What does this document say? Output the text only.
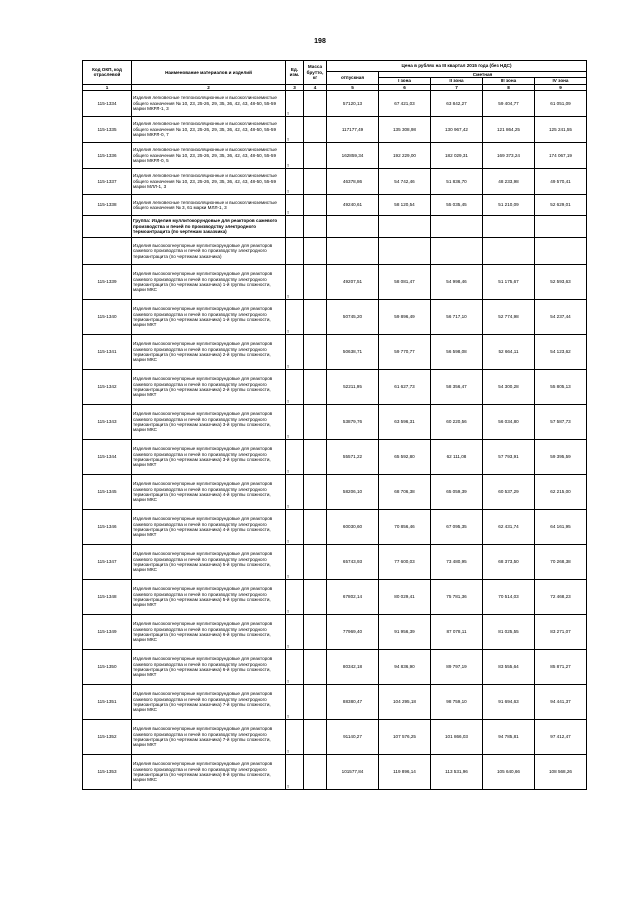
198
Код ОКП, код отраслевой	Наименование материалов и изделий	Ед. изм.	Масса брутто, кг	Цена в рублях на III квартал 2015 года (без НДС)				
				отпускная	Сметная			
					I зона	II зона	III зона	IV зона
1	2	3	4	5	6	7	8	9
115-1334	Изделия легковесные теплоизоляционные и высокоглиноземистые общего назначения № 10, 23, 25-26, 29, 35, 36, 42, 43, 48-50, 55-59 марки МКРЛ-1, 3	т		57120,13	67 421,03	63 842,27	59 404,77	61 051,09
115-1335	Изделия легковесные теплоизоляционные и высокоглиноземистые общего назначения № 10, 23, 25-26, 29, 35, 36, 42, 43, 48-50, 55-59 марки МКРЛ-0, 7	т		117177,49	135 308,98	130 967,42	121 864,25	125 241,55
115-1336	Изделия легковесные теплоизоляционные и высокоглиноземистые общего назначения № 10, 23, 25-26, 29, 35, 36, 42, 43, 48-50, 55-59 марки МКРЛ-0, 5	т		162859,34	192 229,00	182 029,31	169 373,24	174 067,19
115-1337	Изделия легковесные теплоизоляционные и высокоглиноземистые общего назначения № 10, 23, 25-26, 29, 35, 36, 42, 43, 48-50, 55-59 марки МЛЛ-1, 3	т		46378,86	54 742,46	51 836,70	48 233,98	49 570,41
115-1338	Изделия легковесные теплоизоляционные и высокоглиноземистые общего назначения № 3, 61 марки МЛЛ-1, 3	т		49240,61	58 120,54	55 035,45	51 210,09	52 629,01
	Группа: Изделия муллитокорундовые для реакторов сажевого производства и печей по производству электродного термоантрацита (по чертежам заказчика)							
	Изделия высокоогнеупорные муллитокорундовые для реакторов сажевого производства и печей по производству электродного термоантрацита (по чертежам заказчика)							
115-1339	Изделия высокоогнеупорные муллитокорундовые для реакторов сажевого производства и печей по производству электродного термоантрацита (по чертежам заказчика) 1-й группы сложности, марки МКС	т		49207,51	58 081,47	54 998,46	51 175,67	52 593,63
115-1340	Изделия высокоогнеупорные муллитокорундовые для реакторов сажевого производства и печей по производству электродного термоантрацита (по чертежам заказчика) 1-й группы сложности, марки МКТ	т		50745,20	59 896,49	56 717,10	52 774,98	54 237,44
115-1341	Изделия высокоогнеупорные муллитокорундовые для реакторов сажевого производства и печей по производству электродного термоантрацита (по чертежам заказчика) 2-й группы сложности, марки МКС	т		50638,71	59 770,77	56 598,08	52 664,11	54 123,62
115-1342	Изделия высокоогнеупорные муллитокорундовые для реакторов сажевого производства и печей по производству электродного термоантрацита (по чертежам заказчика) 2-й группы сложности, марки МКТ	т		52211,95	61 627,73	58 356,47	54 300,28	55 805,13
115-1343	Изделия высокоогнеупорные муллитокорундовые для реакторов сажевого производства и печей по производству электродного термоантрацита (по чертежам заказчика) 3-й группы сложности, марки МКС	т		53879,76	63 596,31	60 220,56	56 034,80	57 587,73
115-1344	Изделия высокоогнеупорные муллитокорундовые для реакторов сажевого производства и печей по производству электродного термоантрацита (по чертежам заказчика) 3-й группы сложности, марки МКТ	т		55571,22	65 592,80	62 111,08	57 793,91	59 395,59
115-1345	Изделия высокоогнеупорные муллитокорундовые для реакторов сажевого производства и печей по производству электродного термоантрацита (по чертежам заказчика) 4-й группы сложности, марки МКС	т		58206,10	68 706,38	65 059,39	60 537,29	62 215,00
115-1346	Изделия высокоогнеупорные муллитокорундовые для реакторов сажевого производства и печей по производству электродного термоантрацита (по чертежам заказчика) 4-й группы сложности, марки МКТ	т		60030,60	70 856,46	67 095,35	62 431,74	64 161,95
115-1347	Изделия высокоогнеупорные муллитокорундовые для реакторов сажевого производства и печей по производству электродного термоантрацита (по чертежам заказчика) 5-й группы сложности, марки МКС	т		65743,93	77 600,03	73 480,95	68 373,50	70 268,38
115-1348	Изделия высокоогнеупорные муллитокорундовые для реакторов сажевого производства и печей по производству электродного термоантрацита (по чертежам заказчика) 5-й группы сложности, марки МКТ	т		67802,14	80 029,41	75 781,36	70 514,03	72 468,23
115-1349	Изделия высокоогнеупорные муллитокорундовые для реакторов сажевого производства и печей по производству электродного термоантрацита (по чертежам заказчика) 6-й группы сложности, марки МКС	т		77969,40	91 956,39	87 078,11	81 025,55	83 271,07
115-1350	Изделия высокоогнеупорные муллитокорундовые для реакторов сажевого производства и печей по производству электродного термоантрацита (по чертежам заказчика) 6-й группы сложности, марки МКТ	т		80342,18	94 836,90	89 797,19	83 555,64	85 871,27
115-1351	Изделия высокоогнеупорные муллитокорундовые для реакторов сажевого производства и печей по производству электродного термоантрацита (по чертежам заказчика) 7-й группы сложности, марки МКС	т		88380,47	104 295,18	98 759,10	91 694,63	94 441,37
115-1352	Изделия высокоогнеупорные муллитокорундовые для реакторов сажевого производства и печей по производству электродного термоантрацита (по чертежам заказчика) 7-й группы сложности, марки МКТ	т		91140,27	107 576,25	101 866,03	94 785,81	97 412,47
115-1353	Изделия высокоогнеупорные муллитокорундовые для реакторов сажевого производства и печей по производству электродного термоантрацита (по чертежам заказчика) 8-й группы сложности, марки МКС	т		101577,84	119 896,14	113 531,96	105 640,66	108 568,26
